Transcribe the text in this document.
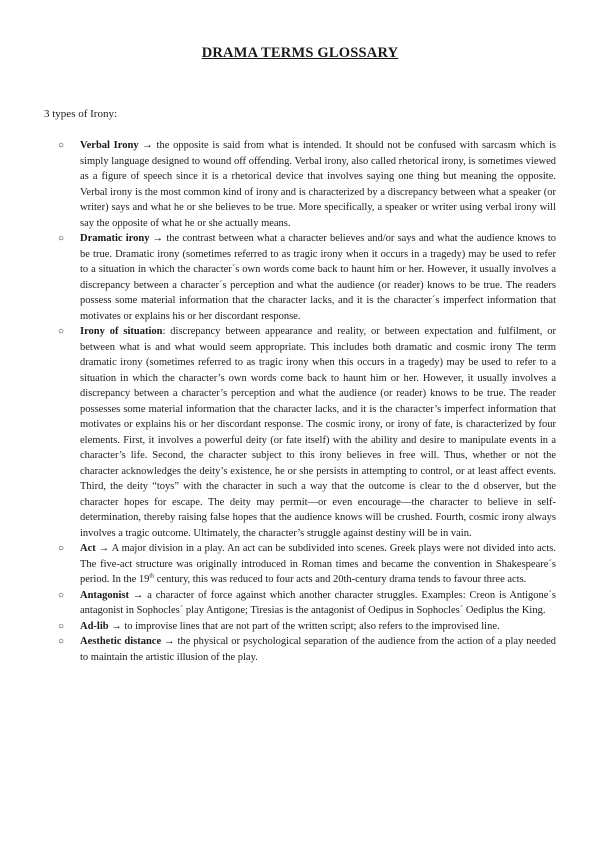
DRAMA TERMS GLOSSARY
3 types of Irony:
○	Verbal Irony → the opposite is said from what is intended. It should not be confused with sarcasm which is simply language designed to wound off offending. Verbal irony, also called rhetorical irony, is sometimes viewed as a figure of speech since it is a rhetorical device that involves saying one thing but meaning the opposite. Verbal irony is the most common kind of irony and is characterized by a discrepancy between what a speaker (or writer) says and what he or she believes to be true. More specifically, a speaker or writer using verbal irony will say the opposite of what he or she actually means.
○	Dramatic irony → the contrast between what a character believes and/or says and what the audience knows to be true. Dramatic irony (sometimes referred to as tragic irony when it occurs in a tragedy) may be used to refer to a situation in which the character´s own words come back to haunt him or her. However, it usually involves a discrepancy between a character´s perception and what the audience (or reader) knows to be true. The readers possess some material information that the character lacks, and it is the character´s imperfect information that motivates or explains his or her discordant response.
○	Irony of situation: discrepancy between appearance and reality, or between expectation and fulfilment, or between what is and what would seem appropriate. This includes both dramatic and cosmic irony The term dramatic irony (sometimes referred to as tragic irony when this occurs in a tragedy) may be used to refer to a situation in which the character’s own words come back to haunt him or her. However, it usually involves a discrepancy between a character’s perception and what the audience (or reader) knows to be true. The reader possesses some material information that the character lacks, and it is the character’s imperfect information that motivates or explains his or her discordant response. The cosmic irony, or irony of fate, is characterized by four elements. First, it involves a powerful deity (or fate itself) with the ability and desire to manipulate events in a character’s life. Second, the character subject to this irony believes in free will. Thus, whether or not the character acknowledges the deity’s existence, he or she persists in attempting to control, or at least affect events. Third, the deity “toys” with the character in such a way that the outcome is clear to the d observer, but the character hopes for escape. The deity may permit—or even encourage—the character to believe in self-determination, thereby raising false hopes that the audience knows will be crushed. Fourth, cosmic irony always involves a tragic outcome. Ultimately, the character’s struggle against destiny will be in vain.
○	Act → A major division in a play. An act can be subdivided into scenes. Greek plays were not divided into acts. The five-act structure was originally introduced in Roman times and became the convention in Shakespeare´s period. In the 19th century, this was reduced to four acts and 20th-century drama tends to favour three acts.
○	Antagonist → a character of force against which another character struggles. Examples: Creon is Antigone´s antagonist in Sophocles´ play Antigone; Tiresias is the antagonist of Oedipus in Sophocles´ Oediplus the King.
○	Ad-lib → to improvise lines that are not part of the written script; also refers to the improvised line.
○	Aesthetic distance → the physical or psychological separation of the audience from the action of a play needed to maintain the artistic illusion of the play.
